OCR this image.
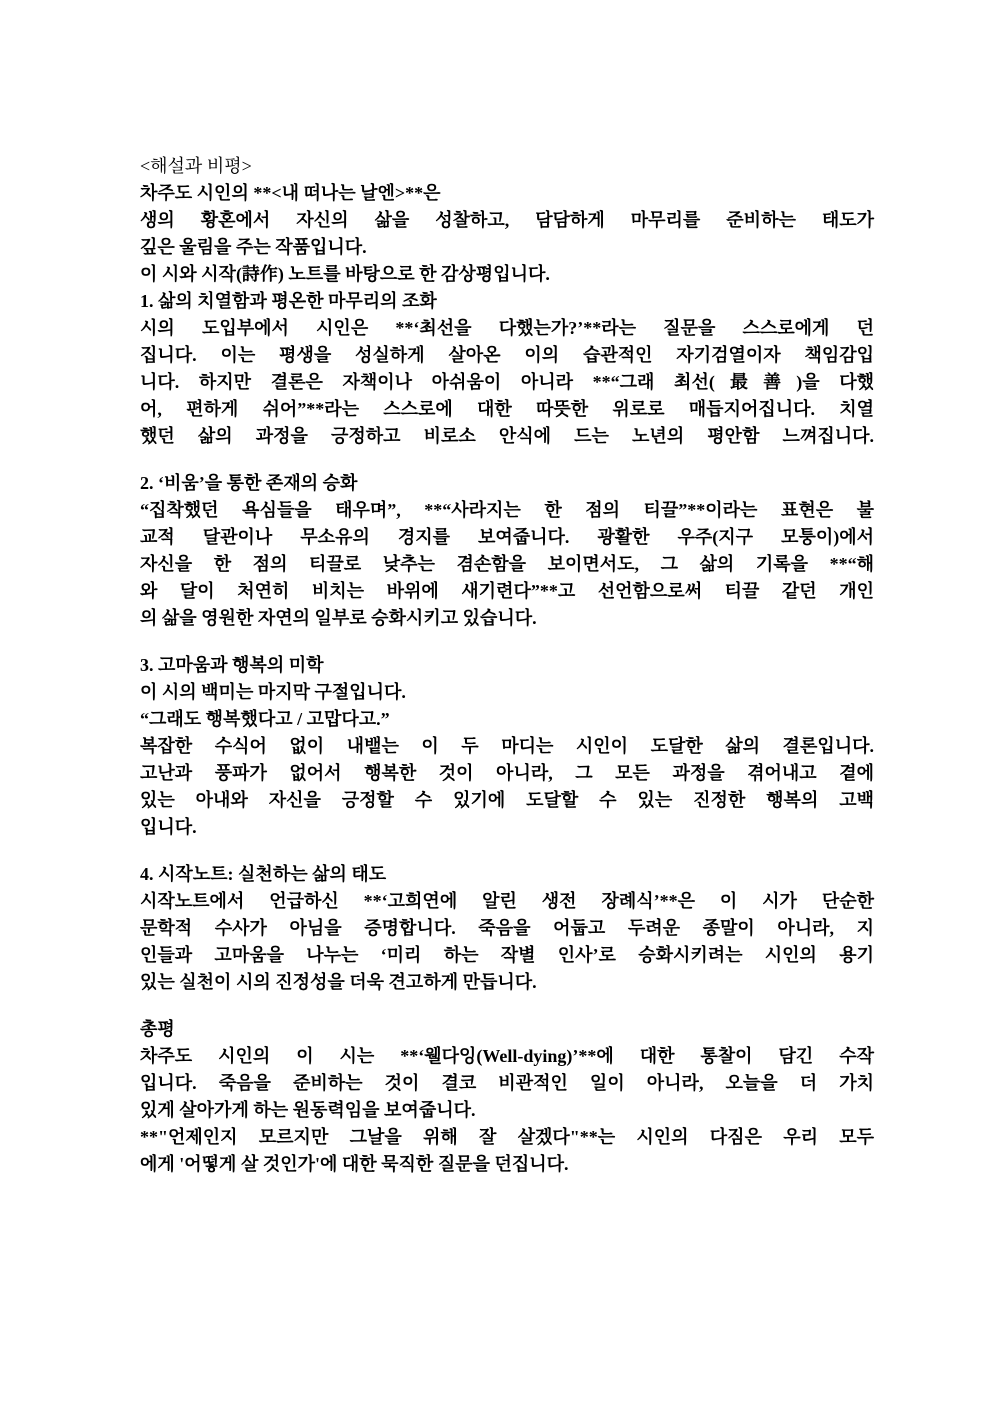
<해설과 비평>
차주도 시인의 **<내 떠나는 날엔>**은
생의 황혼에서 자신의 삶을 성찰하고, 담담하게 마무리를 준비하는 태도가
깊은 울림을 주는 작품입니다.
이 시와 시작(詩作) 노트를 바탕으로 한 감상평입니다.
1. 삶의 치열함과 평온한 마무리의 조화
시의 도입부에서 시인은 **‘최선을 다했는가?’**라는 질문을 스스로에게 던
집니다. 이는 평생을 성실하게 살아온 이의 습관적인 자기검열이자 책임감입
니다. 하지만 결론은 자책이나 아쉬움이 아니라 **“그래 최선(最善)을 다했
어, 편하게 쉬어”**라는 스스로에 대한 따뜻한 위로로 매듭지어집니다. 치열
했던 삶의 과정을 긍정하고 비로소 안식에 드는 노년의 평안함 느껴집니다.
2. ‘비움’을 통한 존재의 승화
“집착했던 욕심들을 태우며”, **“사라지는 한 점의 티끌”**이라는 표현은 불
교적 달관이나 무소유의 경지를 보여줍니다. 광활한 우주(지구 모퉁이)에서
자신을 한 점의 티끌로 낮추는 겸손함을 보이면서도, 그 삶의 기록을 **“해
와 달이 처연히 비치는 바위에 새기련다”**고 선언함으로써 티끌 같던 개인
의 삶을 영원한 자연의 일부로 승화시키고 있습니다.
3. 고마움과 행복의 미학
이 시의 백미는 마지막 구절입니다.
“그래도 행복했다고 / 고맙다고.”
복잡한 수식어 없이 내뱉는 이 두 마디는 시인이 도달한 삶의 결론입니다.
고난과 풍파가 없어서 행복한 것이 아니라, 그 모든 과정을 겪어내고 곁에
있는 아내와 자신을 긍정할 수 있기에 도달할 수 있는 진정한 행복의 고백
입니다.
4. 시작노트: 실천하는 삶의 태도
시작노트에서 언급하신 **‘고희연에 알린 생전 장례식’**은 이 시가 단순한
문학적 수사가 아님을 증명합니다. 죽음을 어둡고 두려운 종말이 아니라, 지
인들과 고마움을 나누는 ‘미리 하는 작별 인사’로 승화시키려는 시인의 용기
있는 실천이 시의 진정성을 더욱 견고하게 만듭니다.
총평
차주도 시인의 이 시는 **‘웰다잉(Well-dying)’**에 대한 통찰이 담긴 수작
입니다. 죽음을 준비하는 것이 결코 비관적인 일이 아니라, 오늘을 더 가치
있게 살아가게 하는 원동력임을 보여줍니다.
**"언제인지 모르지만 그날을 위해 잘 살겠다"**는 시인의 다짐은 우리 모두
에게 '어떻게 살 것인가'에 대한 묵직한 질문을 던집니다.
